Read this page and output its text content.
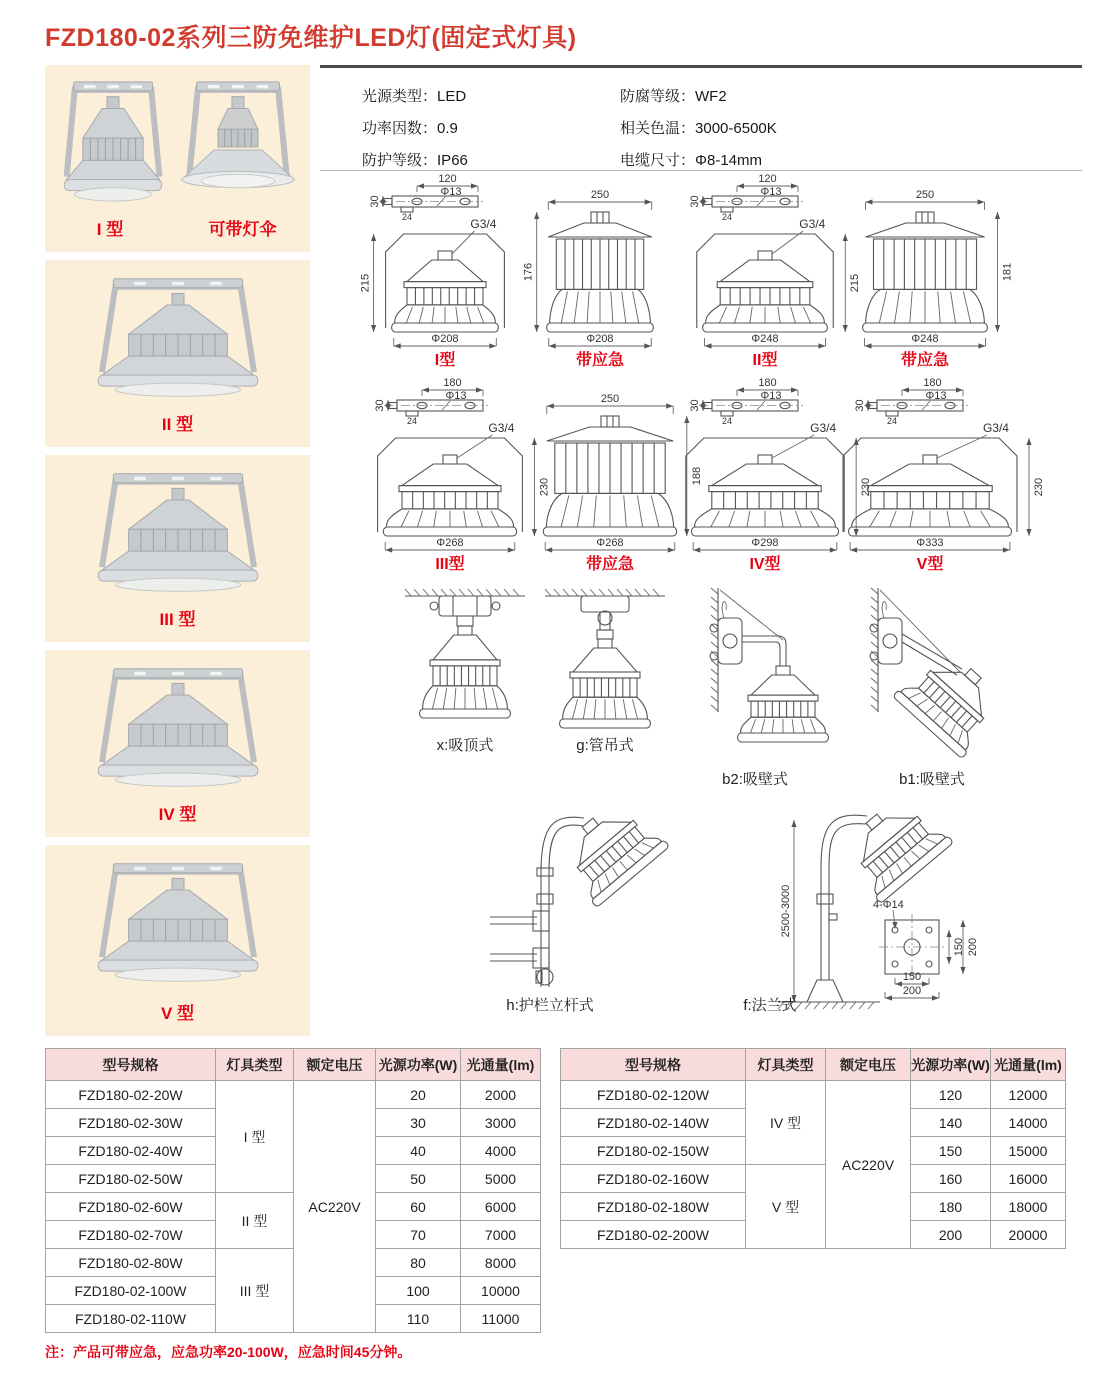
FZD180-02系列三防免维护LED灯(固定式灯具)
I 型	可带灯伞
II 型
III 型
IV 型
V 型
光源类型：LED
功率因数：0.9
防护等级：IP66
防腐等级：WF2
相关色温：3000-6500K
电缆尺寸：Φ8-14mm
120
Φ13
30
24	G3/4
215
Φ208
I型
250
176
Φ208
带应急
120
Φ13
30
24	G3/4
215
Φ248
II型
250
181
Φ248
带应急
180
Φ13
30
24	G3/4
230
Φ268
III型
250
188
Φ268
带应急
180
Φ13
30
24	G3/4
230
Φ298
IV型
180
Φ13
30
24	G3/4
230
Φ333
V型
x:吸顶式	g:管吊式
b2:吸壁式	b1:吸壁式
h:护栏立杆式
2500-3000	4-Φ14
150
200
150 200
f:法兰式
型号规格	灯具类型	额定电压	光源功率(W)	光通量(lm)
FZD180-02-20W	I 型	AC220V	20	2000
FZD180-02-30W			30	3000
FZD180-02-40W			40	4000
FZD180-02-50W			50	5000
FZD180-02-60W	II 型		60	6000
FZD180-02-70W			70	7000
FZD180-02-80W	III 型		80	8000
FZD180-02-100W			100	10000
FZD180-02-110W			110	11000
型号规格	灯具类型	额定电压	光源功率(W)	光通量(lm)
FZD180-02-120W	IV 型	AC220V	120	12000
FZD180-02-140W			140	14000
FZD180-02-150W			150	15000
FZD180-02-160W	V 型		160	16000
FZD180-02-180W			180	18000
FZD180-02-200W			200	20000
注：产品可带应急，应急功率20-100W，应急时间45分钟。
